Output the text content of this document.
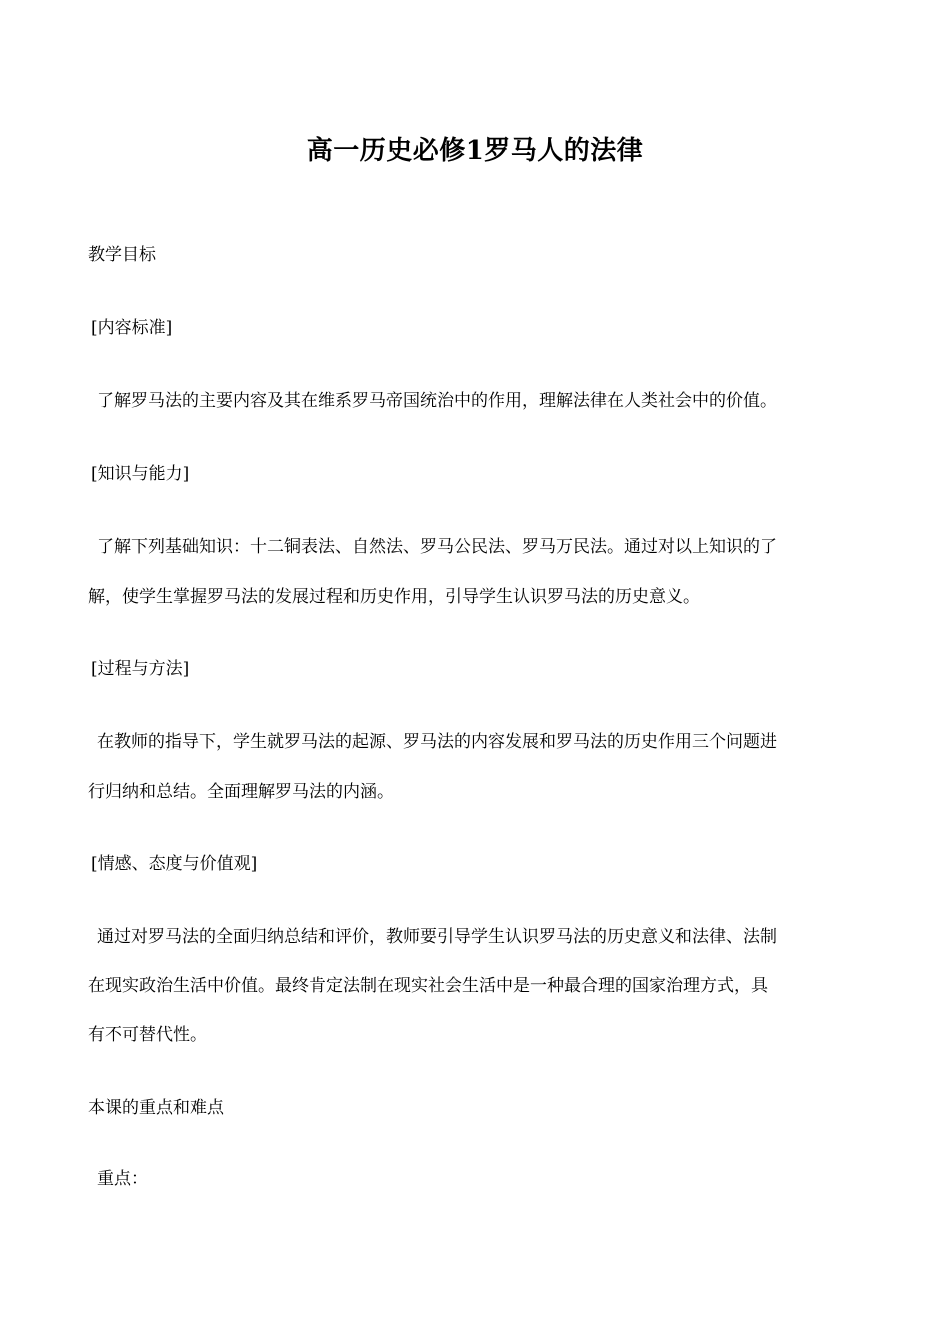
高一历史必修1罗马人的法律
教学目标
[内容标准]
了解罗马法的主要内容及其在维系罗马帝国统治中的作用，理解法律在人类社会中的价值。
[知识与能力]
了解下列基础知识：十二铜表法、自然法、罗马公民法、罗马万民法。通过对以上知识的了
解，使学生掌握罗马法的发展过程和历史作用，引导学生认识罗马法的历史意义。
[过程与方法]
在教师的指导下，学生就罗马法的起源、罗马法的内容发展和罗马法的历史作用三个问题进
行归纳和总结。全面理解罗马法的内涵。
[情感、态度与价值观]
通过对罗马法的全面归纳总结和评价，教师要引导学生认识罗马法的历史意义和法律、法制
在现实政治生活中价值。最终肯定法制在现实社会生活中是一种最合理的国家治理方式，具
有不可替代性。
本课的重点和难点
重点：
